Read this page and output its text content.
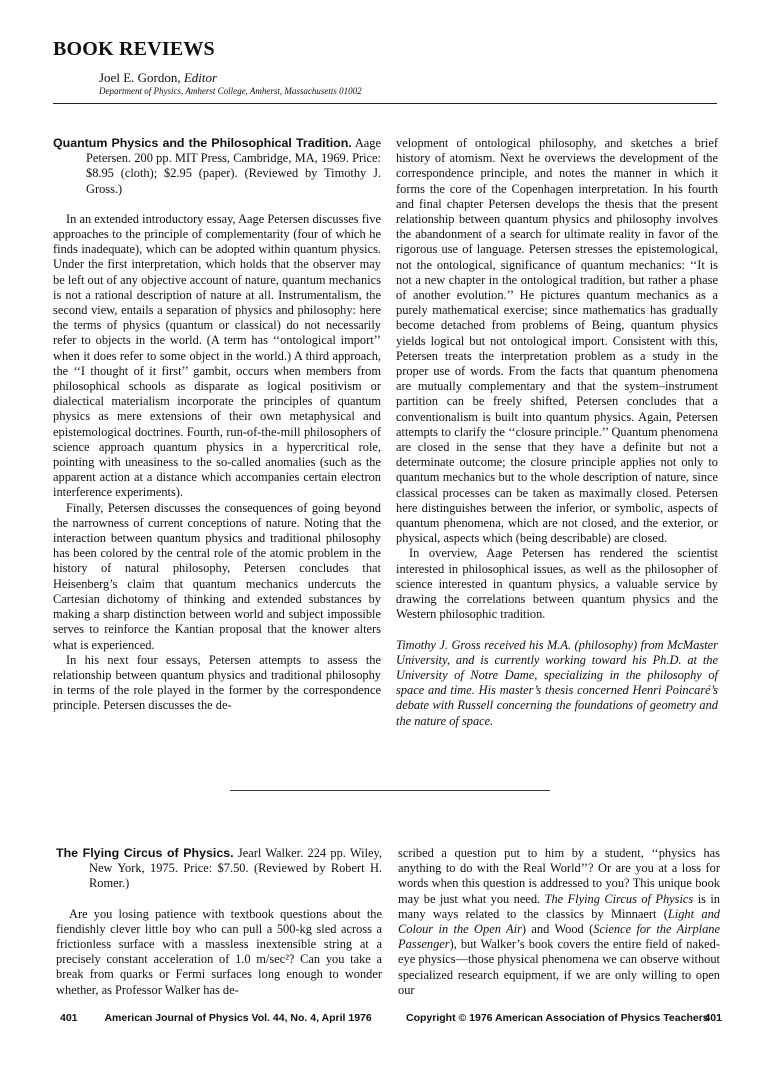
BOOK REVIEWS
Joel E. Gordon, Editor
Department of Physics, Amherst College, Amherst, Massachusetts 01002

Quantum Physics and the Philosophical Tradition. Aage Petersen. 200 pp. MIT Press, Cambridge, MA, 1969. Price: $8.95 (cloth); $2.95 (paper). (Reviewed by Timothy J. Gross.)

In an extended introductory essay, Aage Petersen discusses five approaches to the principle of complementarity (four of which he finds inadequate), which can be adopted within quantum physics. Under the first interpretation, which holds that the observer may be left out of any objective account of nature, quantum mechanics is not a rational description of nature at all. Instrumentalism, the second view, entails a separation of physics and philosophy: here the terms of physics (quantum or classical) do not necessarily refer to objects in the world. (A term has ‘‘ontological import’’ when it does refer to some object in the world.) A third approach, the ‘‘I thought of it first’’ gambit, occurs when members from philosophical schools as disparate as logical positivism or dialectical materialism incorporate the principles of quantum physics as mere extensions of their own metaphysical and epistemological doctrines. Fourth, run-of-the-mill philosophers of science approach quantum physics in a hypercritical role, pointing with uneasiness to the so-called anomalies (such as the apparent action at a distance which accompanies certain electron interference experiments).

Finally, Petersen discusses the consequences of going beyond the narrowness of current conceptions of nature. Noting that the interaction between quantum physics and traditional philosophy has been colored by the central role of the atomic problem in the history of natural philosophy, Petersen concludes that Heisenberg’s claim that quantum mechanics undercuts the Cartesian dichotomy of thinking and extended substances by making a sharp distinction between world and subject impossible serves to reinforce the Kantian proposal that the knower alters what is experienced.

In his next four essays, Petersen attempts to assess the relationship between quantum physics and traditional philosophy in terms of the role played in the former by the correspondence principle. Petersen discusses the de-

velopment of ontological philosophy, and sketches a brief history of atomism. Next he overviews the development of the correspondence principle, and notes the manner in which it forms the core of the Copenhagen interpretation. In his fourth and final chapter Petersen develops the thesis that the present relationship between quantum physics and philosophy involves the abandonment of a search for ultimate reality in favor of the rigorous use of language. Petersen stresses the epistemological, not the ontological, significance of quantum mechanics: ‘‘It is not a new chapter in the ontological tradition, but rather a phase of another evolution.’’ He pictures quantum mechanics as a purely mathematical exercise; since mathematics has gradually become detached from problems of Being, quantum physics yields logical but not ontological import. Consistent with this, Petersen treats the interpretation problem as a study in the proper use of words. From the facts that quantum phenomena are mutually complementary and that the system–instrument partition can be freely shifted, Petersen concludes that a conventionalism is built into quantum physics. Again, Petersen attempts to clarify the ‘‘closure principle.’’ Quantum phenomena are closed in the sense that they have a definite but not a determinate outcome; the closure principle applies not only to quantum mechanics but to the whole description of nature, since classical processes can be taken as maximally closed. Petersen here distinguishes between the inferior, or symbolic, aspects of quantum phenomena, which are not closed, and the exterior, or physical, aspects which (being describable) are closed.

In overview, Aage Petersen has rendered the scientist interested in philosophical issues, as well as the philosopher of science interested in quantum physics, a valuable service by drawing the correlations between quantum physics and the Western philosophic tradition.

Timothy J. Gross received his M.A. (philosophy) from McMaster University, and is currently working toward his Ph.D. at the University of Notre Dame, specializing in the philosophy of space and time. His master’s thesis concerned Henri Poincaré’s debate with Russell concerning the foundations of geometry and the nature of space.

The Flying Circus of Physics. Jearl Walker. 224 pp. Wiley, New York, 1975. Price: $7.50. (Reviewed by Robert H. Romer.)

Are you losing patience with textbook questions about the fiendishly clever little boy who can pull a 500-kg sled across a frictionless surface with a massless inextensible string at a precisely constant acceleration of 1.0 m/sec²? Can you take a break from quarks or Fermi surfaces long enough to wonder whether, as Professor Walker has de-

scribed a question put to him by a student, ‘‘physics has anything to do with the Real World’’? Or are you at a loss for words when this question is addressed to you? This unique book may be just what you need. The Flying Circus of Physics is in many ways related to the classics by Minnaert (Light and Colour in the Open Air) and Wood (Science for the Airplane Passenger), but Walker’s book covers the entire field of naked-eye physics—those physical phenomena we can observe without specialized research equipment, if we are only willing to open our

401	American Journal of Physics Vol. 44, No. 4, April 1976	Copyright © 1976 American Association of Physics Teachers
401
